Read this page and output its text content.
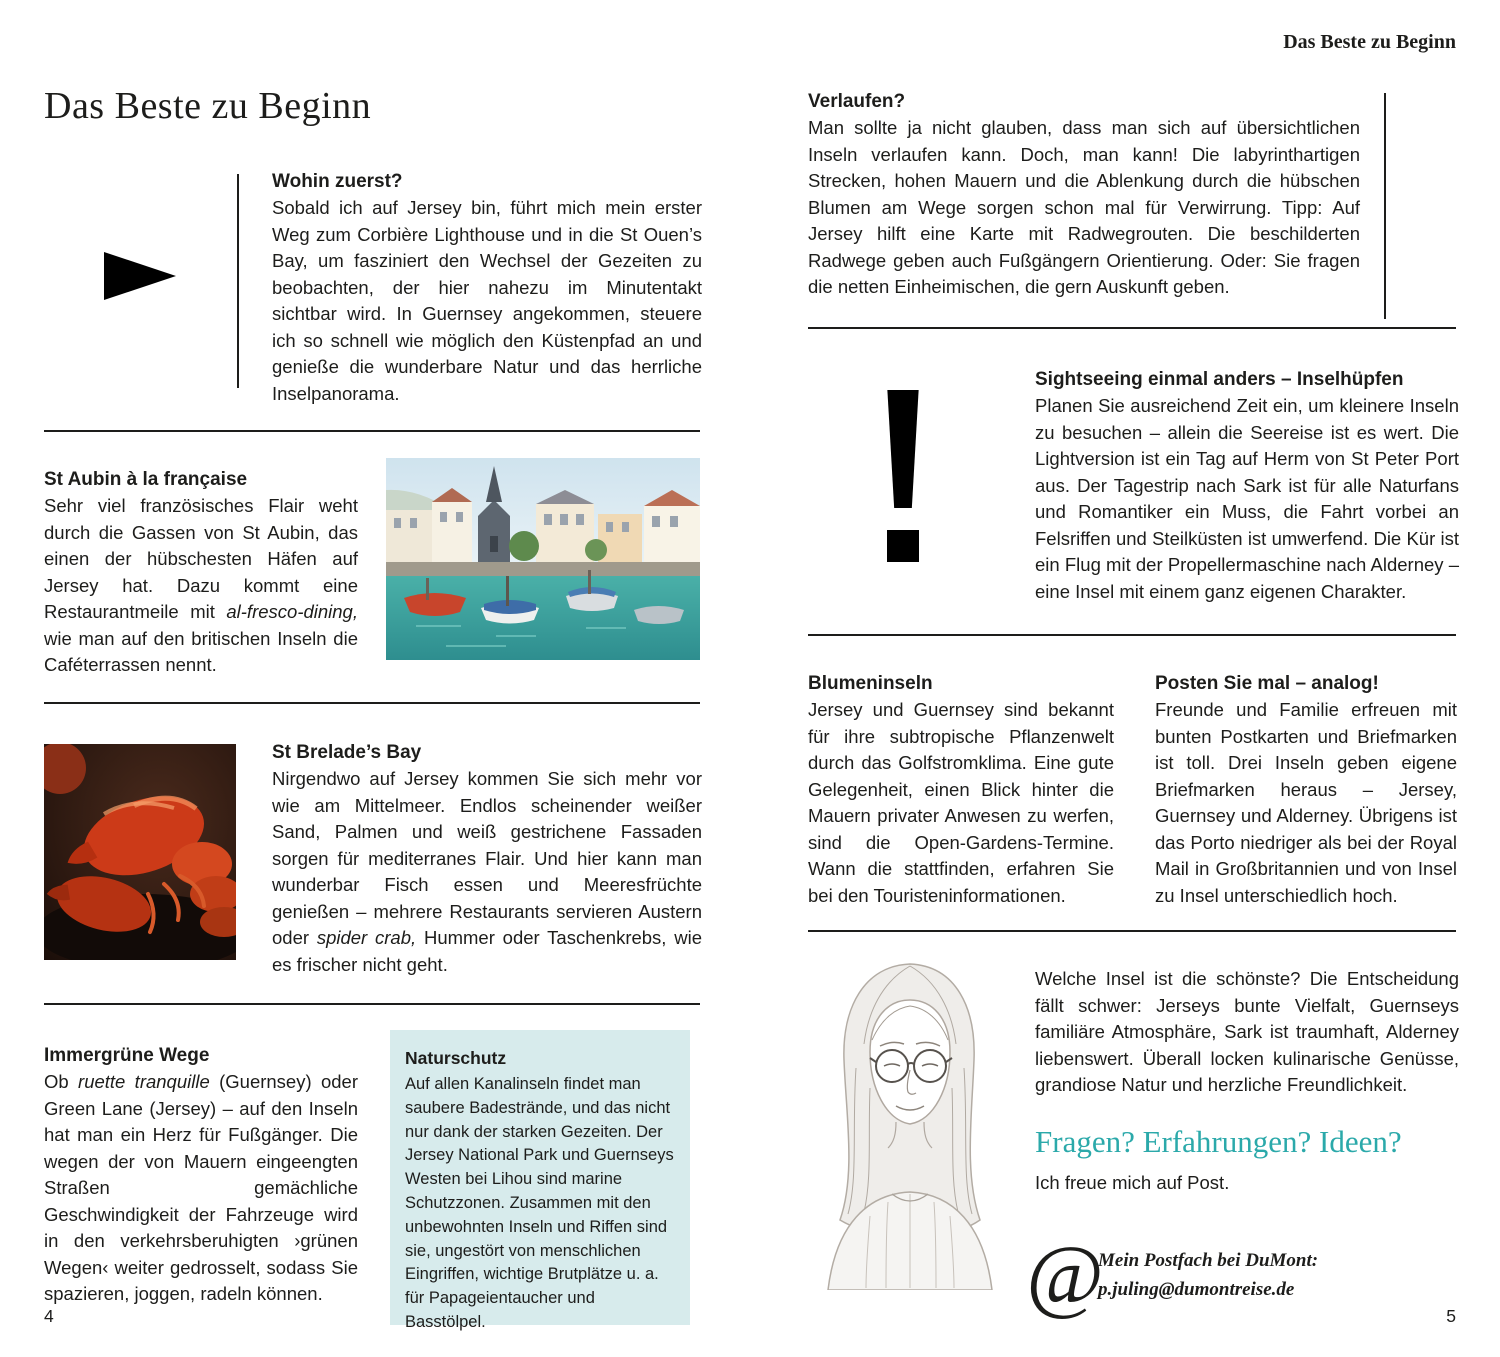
Das Beste zu Beginn
Wohin zuerst?
Sobald ich auf Jersey bin, führt mich mein erster Weg zum Corbière Lighthouse und in die St Ouen’s Bay, um fasziniert den Wechsel der Gezeiten zu beobachten, der hier nahezu im Minutentakt sichtbar wird. In Guernsey angekommen, steuere ich so schnell wie möglich den Küstenpfad an und genieße die wunderbare Natur und das herrliche Inselpanorama.
St Aubin à la française
Sehr viel französisches Flair weht durch die Gassen von St Aubin, das einen der hübschesten Häfen auf Jersey hat. Dazu kommt eine Restaurantmeile mit al-fresco-dining, wie man auf den britischen Inseln die Caféterrassen nennt.
St Brelade’s Bay
Nirgendwo auf Jersey kommen Sie sich mehr vor wie am Mittelmeer. Endlos scheinender weißer Sand, Palmen und weiß gestrichene Fassaden sorgen für mediterranes Flair. Und hier kann man wunderbar Fisch essen und Meeresfrüchte genießen – mehrere Restaurants servieren Austern oder spider crab, Hummer oder Taschenkrebs, wie es frischer nicht geht.
Immergrüne Wege
Ob ruette tranquille (Guernsey) oder Green Lane (Jersey) – auf den Inseln hat man ein Herz für Fußgänger. Die wegen der von Mauern eingeengten Straßen gemächliche Geschwindigkeit der Fahrzeuge wird in den verkehrsberuhigten ›grünen Wegen‹ weiter gedrosselt, sodass Sie spazieren, joggen, radeln können.
Naturschutz
Auf allen Kanalinseln findet man saubere Badestrände, und das nicht nur dank der starken Gezeiten. Der Jersey National Park und Guernseys Westen bei Lihou sind marine Schutzzonen. Zusammen mit den unbewohnten Inseln und Riffen sind sie, ungestört von menschlichen Eingriffen, wichtige Brutplätze u. a. für Papageientaucher und Basstölpel.
4
Das Beste zu Beginn
Verlaufen?
Man sollte ja nicht glauben, dass man sich auf übersichtlichen Inseln verlaufen kann. Doch, man kann! Die labyrinthartigen Strecken, hohen Mauern und die Ablenkung durch die hübschen Blumen am Wege sorgen schon mal für Verwirrung. Tipp: Auf Jersey hilft eine Karte mit Radwegrouten. Die beschilderten Radwege geben auch Fußgängern Orientierung. Oder: Sie fragen die netten Einheimischen, die gern Auskunft geben.
Sightseeing einmal anders – Inselhüpfen
Planen Sie ausreichend Zeit ein, um kleinere Inseln zu besuchen – allein die Seereise ist es wert. Die Lightversion ist ein Tag auf Herm von St Peter Port aus. Der Tagestrip nach Sark ist für alle Naturfans und Romantiker ein Muss, die Fahrt vorbei an Felsriffen und Steilküsten ist umwerfend. Die Kür ist ein Flug mit der Propellermaschine nach Alderney – eine Insel mit einem ganz eigenen Charakter.
Blumeninseln
Jersey und Guernsey sind bekannt für ihre subtropische Pflanzenwelt durch das Golfstromklima. Eine gute Gelegenheit, einen Blick hinter die Mauern privater Anwesen zu werfen, sind die Open-Gardens-Termine. Wann die stattfinden, erfahren Sie bei den Touristeninformationen.
Posten Sie mal – analog!
Freunde und Familie erfreuen mit bunten Postkarten und Briefmarken ist toll. Drei Inseln geben eigene Briefmarken heraus – Jersey, Guernsey und Alderney. Übrigens ist das Porto niedriger als bei der Royal Mail in Großbritannien und von Insel zu Insel unterschiedlich hoch.
Welche Insel ist die schönste? Die Entscheidung fällt schwer: Jerseys bunte Vielfalt, Guernseys familiäre Atmosphäre, Sark ist traumhaft, Alderney liebenswert. Überall locken kulinarische Genüsse, grandiose Natur und herzliche Freundlichkeit.
Fragen? Erfahrungen? Ideen?
Ich freue mich auf Post.
@
Mein Postfach bei DuMont:
p.juling@dumontreise.de
5
